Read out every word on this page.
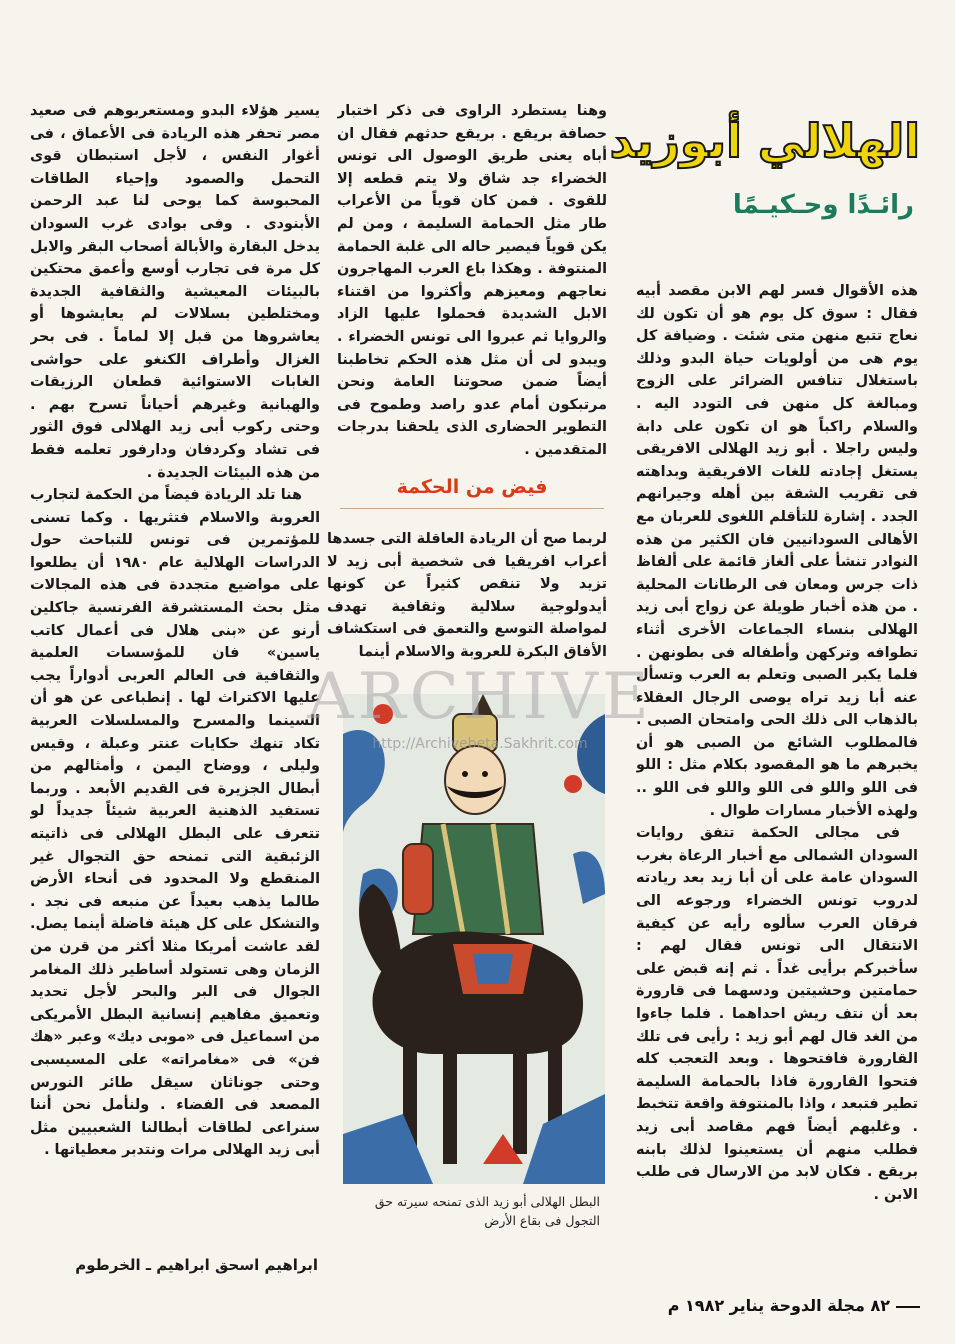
الهلالي أبوزيد
رائـدًا وحـكيـمًا

هذه الأقوال فسر لهم الابن مقصد أبيه فقال : سوق كل يوم هو أن تكون لك نعاج تتبع منهن متى شئت . وضيافة كل يوم هى من أولويات حياة البدو وذلك باستغلال تنافس الضرائر على الزوج ومبالغة كل منهن فى التودد اليه . والسلام راكباً هو ان تكون على دابة وليس راجلا . أبو زيد الهلالى الافريقى يستغل إجادته للغات الافريقية وبداهته فى تقريب الشقة بين أهله وجيرانهم الجدد . إشارة للتأقلم اللغوى للعربان مع الأهالى السودانيين فان الكثير من هذه النوادر تنشأ على ألغاز قائمة على ألفاظ ذات جرس ومعان فى الرطانات المحلية . من هذه أخبار طويلة عن زواج أبى زيد الهلالى بنساء الجماعات الأخرى أثناء تطوافه وتركهن وأطفاله فى بطونهن . فلما يكبر الصبى وتعلم به العرب وتسأل عنه أبا زيد تراه يوصى الرجال العقلاء بالذهاب الى ذلك الحى وامتحان الصبى . فالمطلوب الشائع من الصبى هو أن يخبرهم ما هو المقصود بكلام مثل : اللو فى اللو واللو فى اللو واللو فى اللو .. ولهذه الأخبار مسارات طوال .

فى مجالى الحكمة تتفق روايات السودان الشمالى مع أخبار الرعاة بغرب السودان عامة على أن أبا زيد بعد ريادته لدروب تونس الخضراء ورجوعه الى فرقان العرب سألوه رأيه عن كيفية الانتقال الى تونس فقال لهم : سأخبركم برأيى غداً . ثم إنه قبض على حمامتين وحشيتين ودسهما فى قارورة بعد أن نتف ريش احداهما . فلما جاءوا من الغد قال لهم أبو زيد : رأيى فى تلك القارورة فافتحوها . وبعد التعجب كله فتحوا القارورة فاذا بالحمامة السليمة تطير فتبعد ، واذا بالمنتوفة واقعة تتخبط . وغلبهم أيضاً فهم مقاصد أبى زيد فطلب منهم أن يستعينوا لذلك بابنه بريقع . فكان لابد من الارسال فى طلب الابن .

وهنا يستطرد الراوى فى ذكر اختبار حصافة بريقع . بريقع حدثهم فقال ان أباه يعنى طريق الوصول الى تونس الخضراء جد شاق ولا يتم قطعه إلا للقوى . فمن كان قوياً من الأعراب طار مثل الحمامة السليمة ، ومن لم يكن قوياً فيصير حاله الى غلبة الحمامة المنتوفة . وهكذا باع العرب المهاجرون نعاجهم ومعيزهم وأكثروا من اقتناء الابل الشديدة فحملوا عليها الزاد والروايا ثم عبروا الى تونس الخضراء . ويبدو لى أن مثل هذه الحكم تخاطبنا أيضاً ضمن صحوتنا العامة ونحن مرتبكون أمام عدو راصد وطموح فى التطوير الحضارى الذى يلحقنا بدرجات المتقدمين .

فيض من الحكمة

لربما صح أن الريادة العاقلة التى جسدها أعراب افريقيا فى شخصية أبى زيد لا تزيد ولا تنقص كثيراً عن كونها أيدولوجية سلالية وثقافية تهدف لمواصلة التوسع والتعمق فى استكشاف الأفاق البكرة للعروبة والاسلام أينما

البطل الهلالى أبو زيد الذى تمنحه سيرته حق التجول فى بقاع الأرض

يسير هؤلاء البدو ومستعربوهم فى صعيد مصر تحفر هذه الريادة فى الأعماق ، فى أغوار النفس ، لأجل استبطان قوى التحمل والصمود وإحياء الطاقات المحبوسة كما يوحى لنا عبد الرحمن الأبنودى . وفى بوادى غرب السودان يدخل البقارة والأبالة أصحاب البقر والابل كل مرة فى تجارب أوسع وأعمق محتكين بالبيئات المعيشية والثقافية الجديدة ومختلطين بسلالات لم يعايشوها أو يعاشروها من قبل إلا لماماً . فى بحر الغزال وأطراف الكنغو على حواشى الغابات الاستوائية قطعان الرزيقات والهبانية وغيرهم أحياناً تسرح بهم . وحتى ركوب أبى زيد الهلالى فوق الثور فى تشاد وكردفان ودارفور تعلمه فقط من هذه البيئات الجديدة .

هنا تلد الريادة فيضاً من الحكمة لتجارب العروبة والاسلام فتثريها . وكما تسنى للمؤتمرين فى تونس للتباحث حول الدراسات الهلالية عام ١٩٨٠ أن يطلعوا على مواضيع متجددة فى هذه المجالات مثل بحث المستشرقة الفرنسية جاكلين أرنو عن «بنى هلال فى أعمال كاتب ياسين» فان للمؤسسات العلمية والثقافية فى العالم العربى أدواراً يجب عليها الاكتراث لها . إنطباعى عن هو أن السينما والمسرح والمسلسلات العربية تكاد تنهك حكايات عنتر وعبلة ، وقيس وليلى ، ووضاح اليمن ، وأمثالهم من أبطال الجزيرة فى القديم الأبعد . وربما تستفيد الذهنية العربية شيئاً جديداً لو تتعرف على البطل الهلالى فى ذاتيته الزئبقية التى تمنحه حق التجوال غير المنقطع ولا المحدود فى أنحاء الأرض طالما يذهب بعيداً عن منبعه فى نجد . والتشكل على كل هيئة فاضلة أينما يصل. لقد عاشت أمريكا مثلا أكثر من قرن من الزمان وهى تستولد أساطير ذلك المغامر الجوال فى البر والبحر لأجل تحديد وتعميق مفاهيم إنسانية البطل الأمريكى من اسماعيل فى «موبى ديك» وعبر «هك فن» فى «مغامراته» على المسيسبى وحتى جوناثان سيقل طائر النورس المصعد فى الفضاء . ولنأمل نحن أننا سنراعى لطاقات أبطالنا الشعبيين مثل أبى زيد الهلالى مرات ونتدبر معطياتها .

ابراهيم اسحق ابراهيم ـ الخرطوم
٨٢ مجلة الدوحة يناير ١٩٨٢ م
ARCHIVE
http://Archivebeta.Sakhrit.com
